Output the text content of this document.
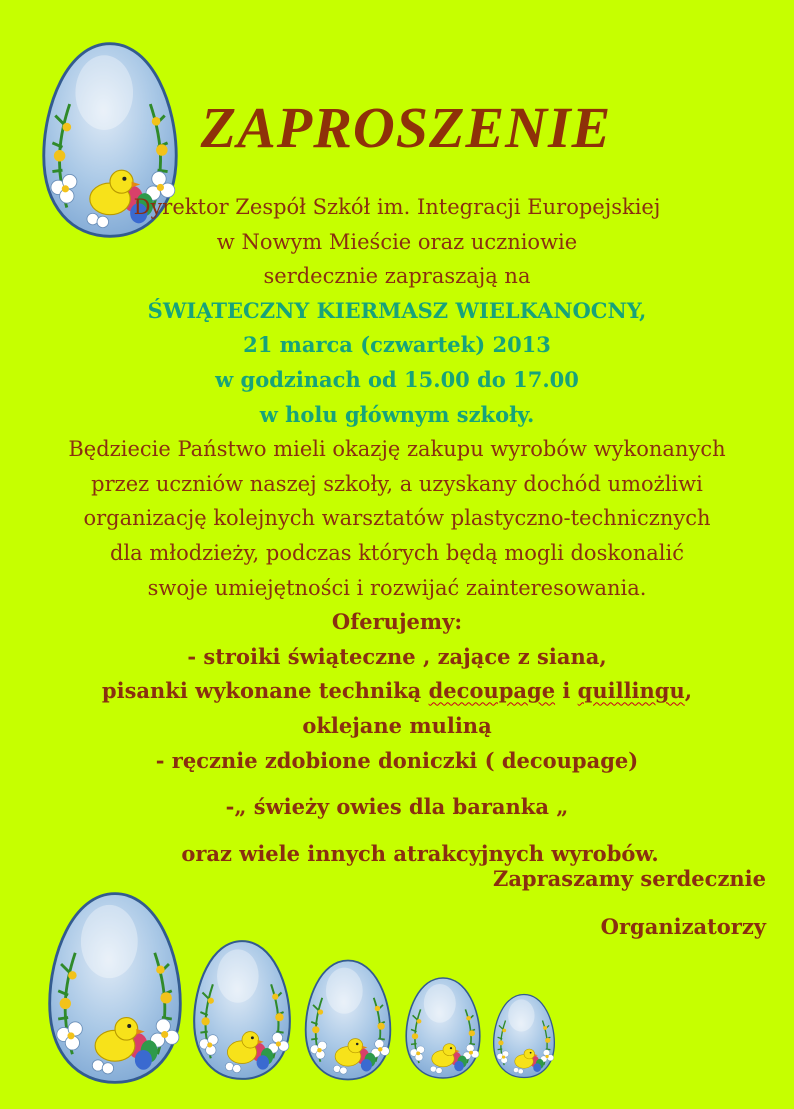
ZAPROSZENIE
Dyrektor Zespół Szkół im. Integracji Europejskiej
w Nowym Mieście oraz uczniowie
serdecznie zapraszają na
ŚWIĄTECZNY KIERMASZ WIELKANOCNY,
21 marca (czwartek) 2013
w godzinach od 15.00 do 17.00
w holu głównym szkoły.
Będziecie Państwo mieli okazję zakupu wyrobów wykonanych
przez uczniów naszej szkoły, a uzyskany dochód umożliwi
organizację kolejnych warsztatów plastyczno-technicznych
dla młodzieży, podczas których będą mogli doskonalić
swoje umiejętności i rozwijać zainteresowania.
Oferujemy:
- stroiki świąteczne , zające z siana,
pisanki wykonane techniką decoupage i quillingu,
oklejane muliną
- ręcznie zdobione doniczki ( decoupage)
-„ świeży owies dla baranka „
oraz wiele innych atrakcyjnych wyrobów.
Zapraszamy serdecznie
Organizatorzy
